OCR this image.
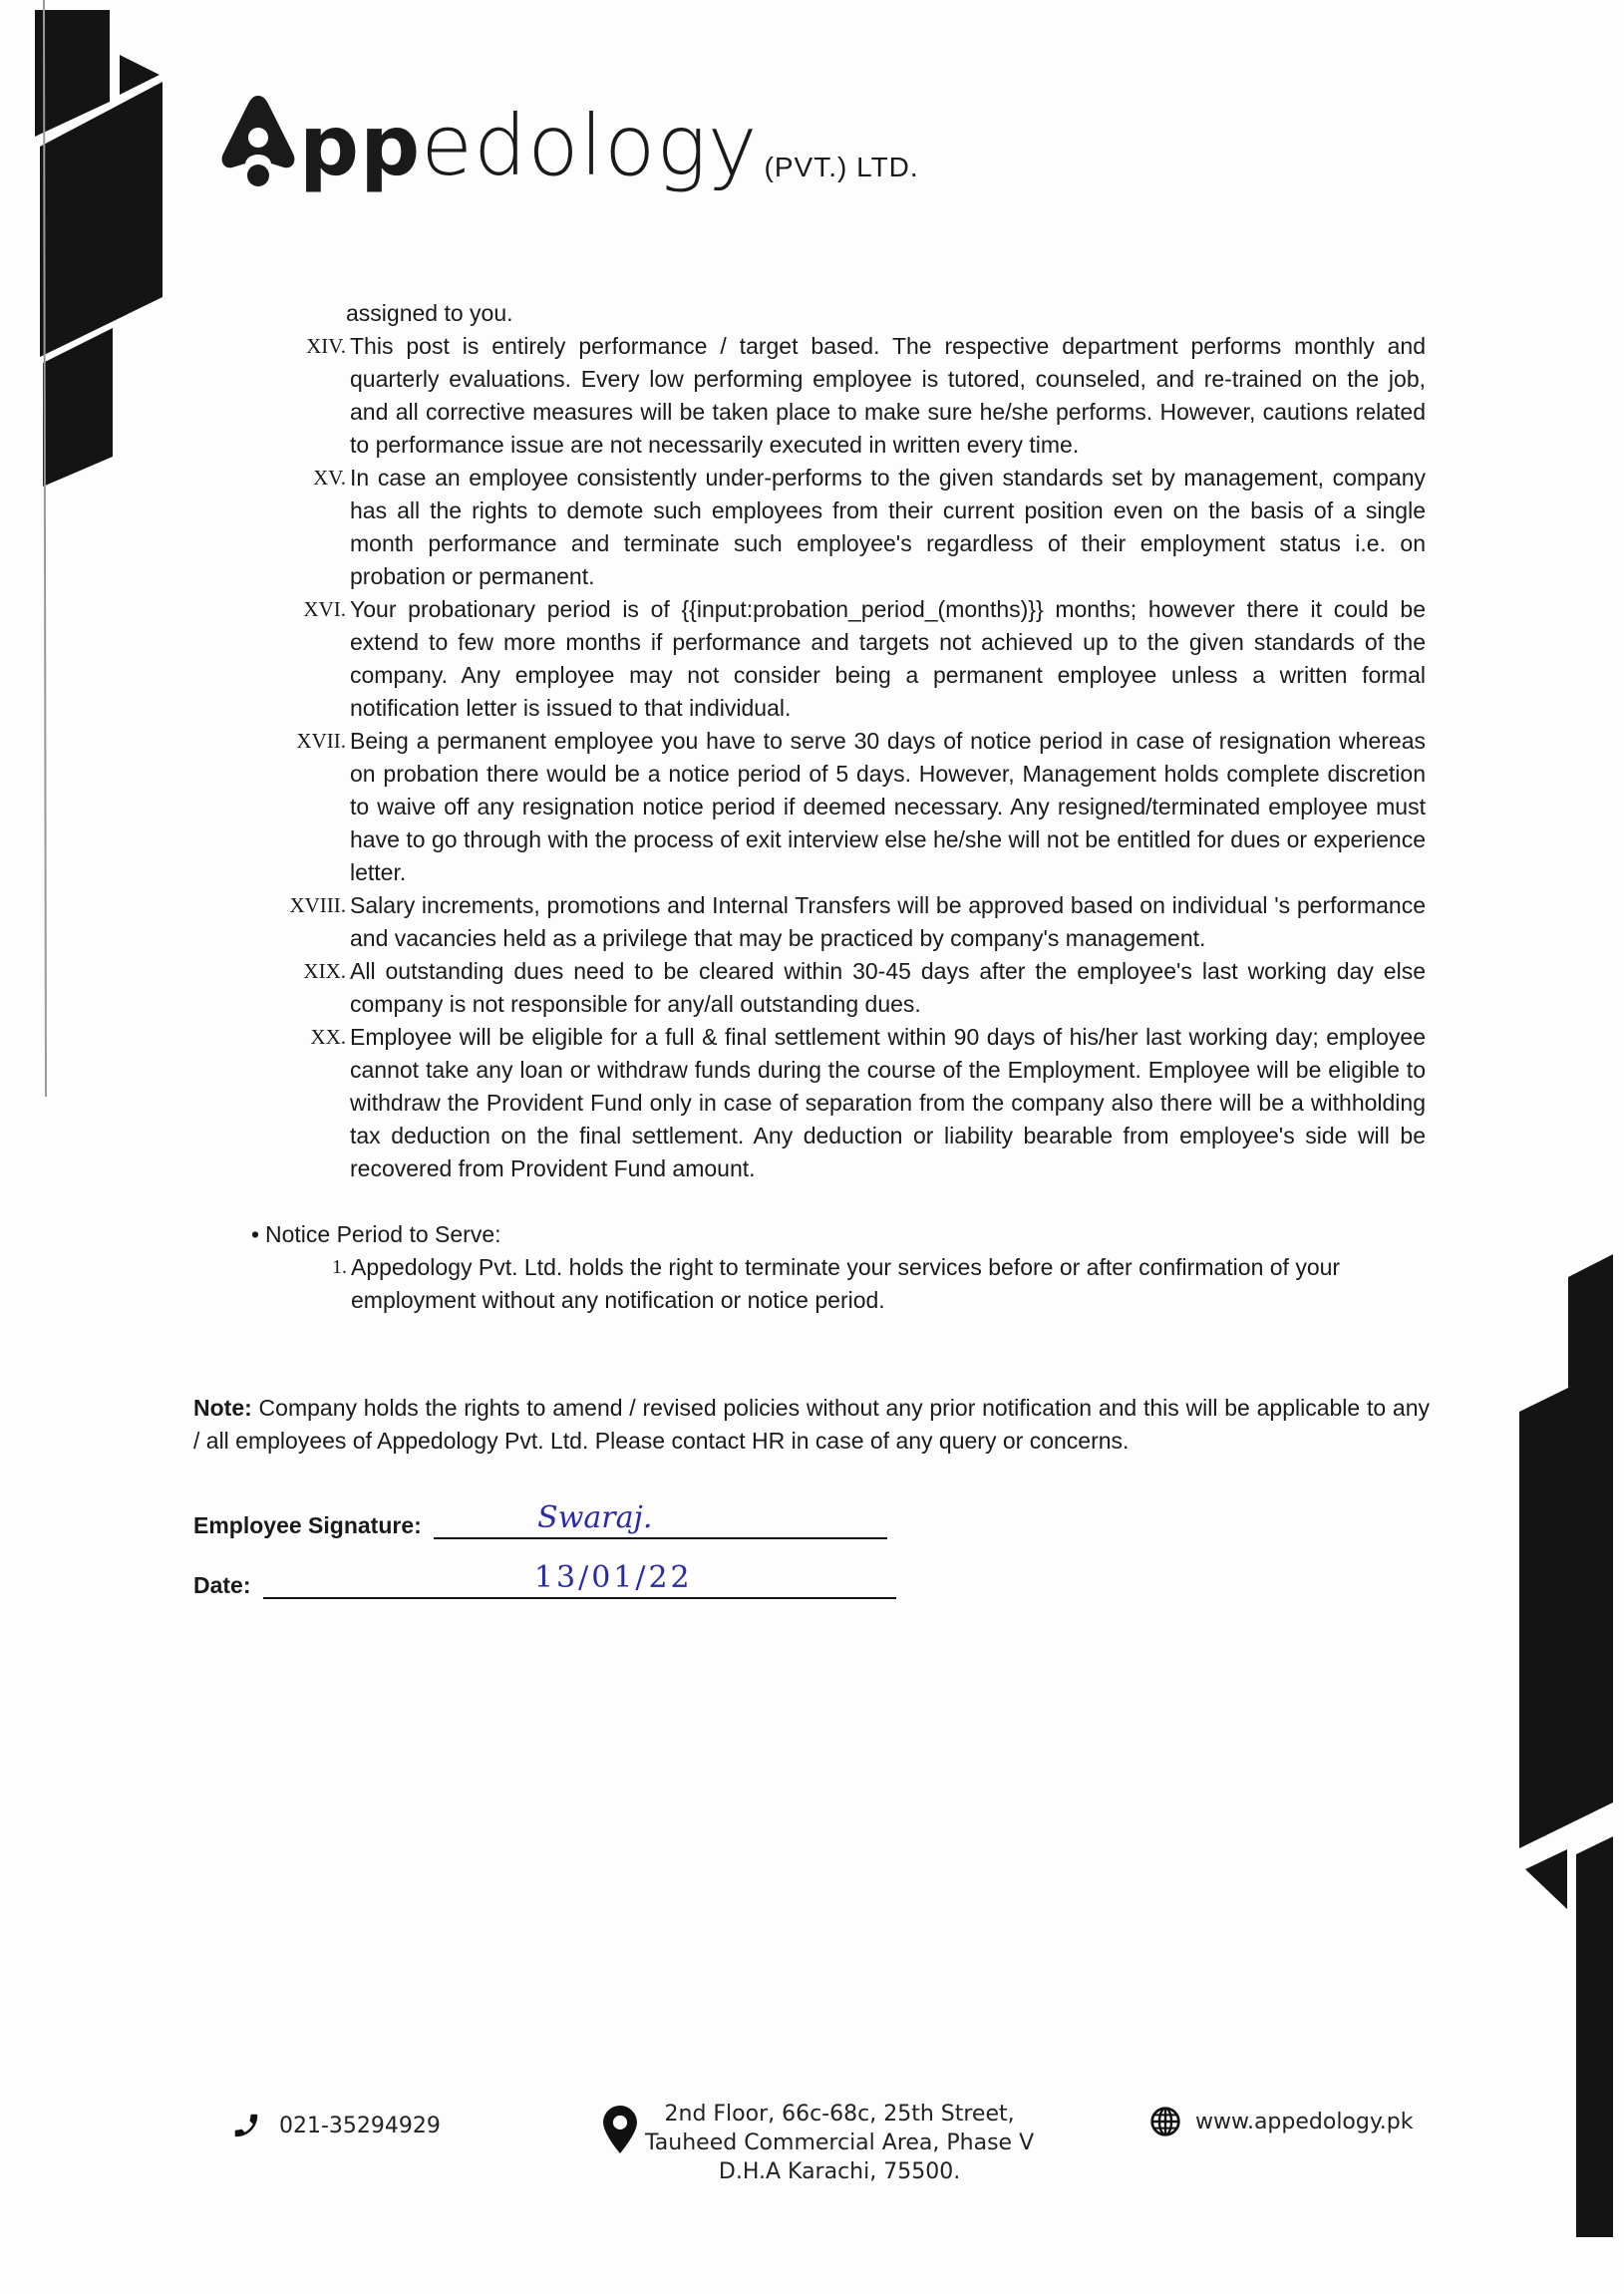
ppedology (PVT.) LTD.
assigned to you.
XIV. This post is entirely performance / target based. The respective department performs monthly and quarterly evaluations. Every low performing employee is tutored, counseled, and re-trained on the job, and all corrective measures will be taken place to make sure he/she performs. However, cautions related to performance issue are not necessarily executed in written every time.
XV. In case an employee consistently under-performs to the given standards set by management, company has all the rights to demote such employees from their current position even on the basis of a single month performance and terminate such employee's regardless of their employment status i.e. on probation or permanent.
XVI. Your probationary period is of {{input:probation_period_(months)}} months; however there it could be extend to few more months if performance and targets not achieved up to the given standards of the company. Any employee may not consider being a permanent employee unless a written formal notification letter is issued to that individual.
XVII. Being a permanent employee you have to serve 30 days of notice period in case of resignation whereas on probation there would be a notice period of 5 days. However, Management holds complete discretion to waive off any resignation notice period if deemed necessary. Any resigned/terminated employee must have to go through with the process of exit interview else he/she will not be entitled for dues or experience letter.
XVIII. Salary increments, promotions and Internal Transfers will be approved based on individual 's performance and vacancies held as a privilege that may be practiced by company's management.
XIX. All outstanding dues need to be cleared within 30-45 days after the employee's last working day else company is not responsible for any/all outstanding dues.
XX. Employee will be eligible for a full & final settlement within 90 days of his/her last working day; employee cannot take any loan or withdraw funds during the course of the Employment. Employee will be eligible to withdraw the Provident Fund only in case of separation from the company also there will be a withholding tax deduction on the final settlement. Any deduction or liability bearable from employee's side will be recovered from Provident Fund amount.
• Notice Period to Serve:
1. Appedology Pvt. Ltd. holds the right to terminate your services before or after confirmation of your employment without any notification or notice period.
Note: Company holds the rights to amend / revised policies without any prior notification and this will be applicable to any / all employees of Appedology Pvt. Ltd. Please contact HR in case of any query or concerns.
Employee Signature:	Swaraj.
Date:	13/01/22
021-35294929	2nd Floor, 66c-68c, 25th Street,
Tauheed Commercial Area, Phase V
D.H.A Karachi, 75500.
www.appedology.pk
